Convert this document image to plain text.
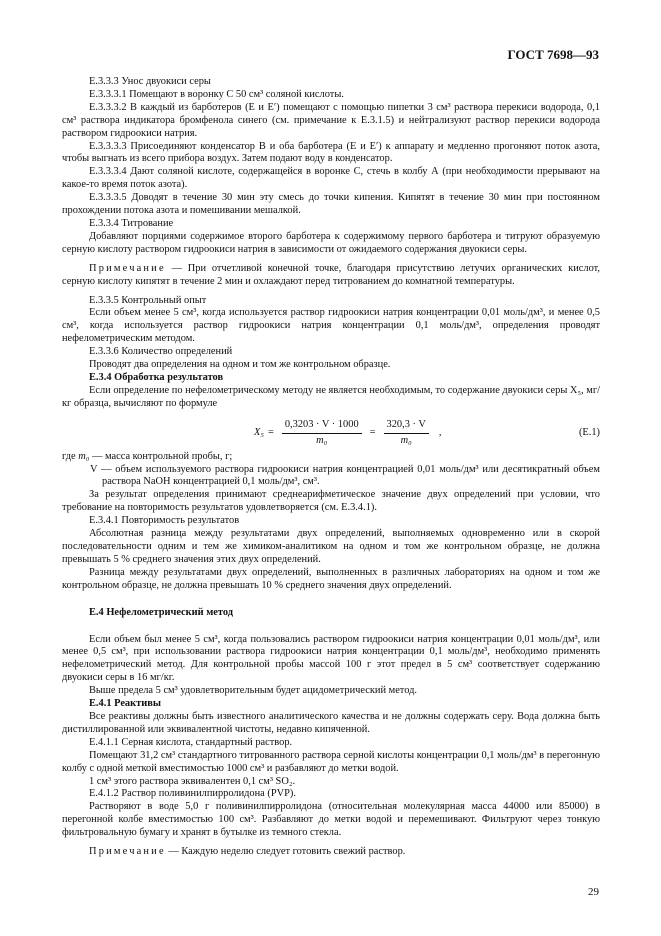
ГОСТ 7698—93

Е.3.3.3 Унос двуокиси серы

Е.3.3.3.1 Помещают в воронку С 50 см³ соляной кислоты.

Е.3.3.3.2 В каждый из барботеров (Е и Е′) помещают с помощью пипетки 3 см³ раствора перекиси водорода, 0,1 см³ раствора индикатора бромфенола синего (см. примечание к Е.3.1.5) и нейтрализуют раствор перекиси водорода раствором гидроокиси натрия.

Е.3.3.3.3 Присоединяют конденсатор В и оба барботера (Е и Е′) к аппарату и медленно прогоняют поток азота, чтобы выгнать из всего прибора воздух. Затем подают воду в конденсатор.

Е.3.3.3.4 Дают соляной кислоте, содержащейся в воронке С, стечь в колбу А (при необходимости прерывают на какое-то время поток азота).

Е.3.3.3.5 Доводят в течение 30 мин эту смесь до точки кипения. Кипятят в течение 30 мин при постоянном прохождении потока азота и помешивании мешалкой.

Е.3.3.4 Титрование

Добавляют порциями содержимое второго барботера к содержимому первого барботера и титруют образуемую серную кислоту раствором гидроокиси натрия в зависимости от ожидаемого содержания двуокиси серы.

Примечание — При отчетливой конечной точке, благодаря присутствию летучих органических кислот, серную кислоту кипятят в течение 2 мин и охлаждают перед титрованием до комнатной температуры.

Е.3.3.5 Контрольный опыт

Если объем менее 5 см³, когда используется раствор гидроокиси натрия концентрации 0,01 моль/дм³, и менее 0,5 см³, когда используется раствор гидроокиси натрия концентрации 0,1 моль/дм³, определения проводят нефелометрическим методом.

Е.3.3.6 Количество определений

Проводят два определения на одном и том же контрольном образце.

Е.3.4 Обработка результатов

Если определение по нефелометрическому методу не является необходимым, то содержание двуокиси серы X₅, мг/кг образца, вычисляют по формуле

$X_5 = \frac{0,3203 \cdot V \cdot 1000}{\text{m₀}} = \frac{320,3 \cdot V}{\text{m₀}}$ ,	(Е.1)

где m₀ — масса контрольной пробы, г;

V — объем используемого раствора гидроокиси натрия концентрацией 0,01 моль/дм³ или десятикратный объем раствора NaOH концентрацией 0,1 моль/дм³, см³.

За результат определения принимают среднеарифметическое значение двух определений при условии, что требование на повторимость результатов удовлетворяется (см. Е.3.4.1).

Е.3.4.1 Повторимость результатов

Абсолютная разница между результатами двух определений, выполняемых одновременно или в скорой последовательности одним и тем же химиком-аналитиком на одном и том же контрольном образце, не должна превышать 5 % среднего значения этих двух определений.

Разница между результатами двух определений, выполненных в различных лабораториях на одном и том же контрольном образце, не должна превышать 10 % среднего значения двух определений.

Е.4 Нефелометрический метод

Если объем был менее 5 см³, когда пользовались раствором гидроокиси натрия концентрации 0,01 моль/дм³, или менее 0,5 см³, при использовании раствора гидроокиси натрия концентрации 0,1 моль/дм³, необходимо применять нефелометрический метод. Для контрольной пробы массой 100 г этот предел в 5 см³ соответствует содержанию двуокиси серы в 16 мг/кг.

Выше предела 5 см³ удовлетворительным будет ацидометрический метод.

Е.4.1 Реактивы

Все реактивы должны быть известного аналитического качества и не должны содержать серу. Вода должна быть дистиллированной или эквивалентной чистоты, недавно кипяченной.

Е.4.1.1 Серная кислота, стандартный раствор.

Помещают 31,2 см³ стандартного титрованного раствора серной кислоты концентрации 0,1 моль/дм³ в перегонную колбу с одной меткой вместимостью 1000 см³ и разбавляют до метки водой.

1 см³ этого раствора эквивалентен 0,1 см³ SO₂.

Е.4.1.2 Раствор поливинилпирролидона (PVP).

Растворяют в воде 5,0 г поливинилпирролидона (относительная молекулярная масса 44000 или 85000) в перегонной колбе вместимостью 100 см³. Разбавляют до метки водой и перемешивают. Фильтруют через тонкую фильтровальную бумагу и хранят в бутылке из темного стекла.

Примечание — Каждую неделю следует готовить свежий раствор.

29
